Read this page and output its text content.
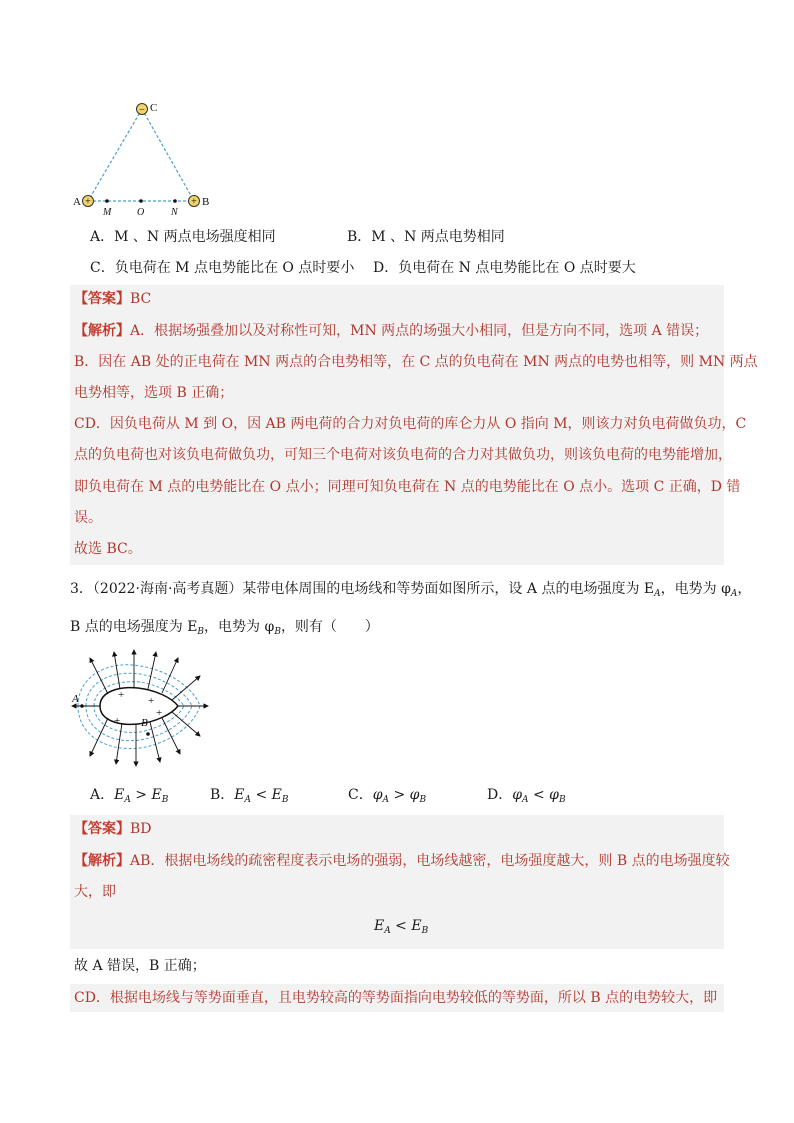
−
+	+
C
A	B
M	O	N
A．M 、N 两点电场强度相同	B．M 、N 两点电势相同
C．负电荷在 M 点电势能比在 O 点时要小 D．负电荷在 N 点电势能比在 O 点时要大
【答案】BC
【解析】A．根据场强叠加以及对称性可知，MN 两点的场强大小相同，但是方向不同，选项 A 错误；
B．因在 AB 处的正电荷在 MN 两点的合电势相等，在 C 点的负电荷在 MN 两点的电势也相等，则 MN 两点
电势相等，选项 B 正确；
CD．因负电荷从 M 到 O，因 AB 两电荷的合力对负电荷的库仑力从 O 指向 M，则该力对负电荷做负功，C
点的负电荷也对该负电荷做负功，可知三个电荷对该负电荷的合力对其做负功，则该负电荷的电势能增加，
即负电荷在 M 点的电势能比在 O 点小；同理可知负电荷在 N 点的电势能比在 O 点小。选项 C 正确，D 错
误。
故选 BC。
3．（2022·海南·高考真题）某带电体周围的电场线和等势面如图所示，设 A 点的电场强度为 $E_A$，电势为 $\varphi_A$，
B 点的电场强度为 $E_B$，电势为 $\varphi_B$，则有（　　）
+ +
+
+
A
B
A．$E_A > E_B$	B．$E_A < E_B$	C．$\varphi_A > \varphi_B$	D．$\varphi_A < \varphi_B$
【答案】BD
【解析】AB．根据电场线的疏密程度表示电场的强弱，电场线越密，电场强度越大，则 B 点的电场强度较
大，即
$E_A < E_B$
故 A 错误，B 正确；
CD．根据电场线与等势面垂直，且电势较高的等势面指向电势较低的等势面，所以 B 点的电势较大，即
